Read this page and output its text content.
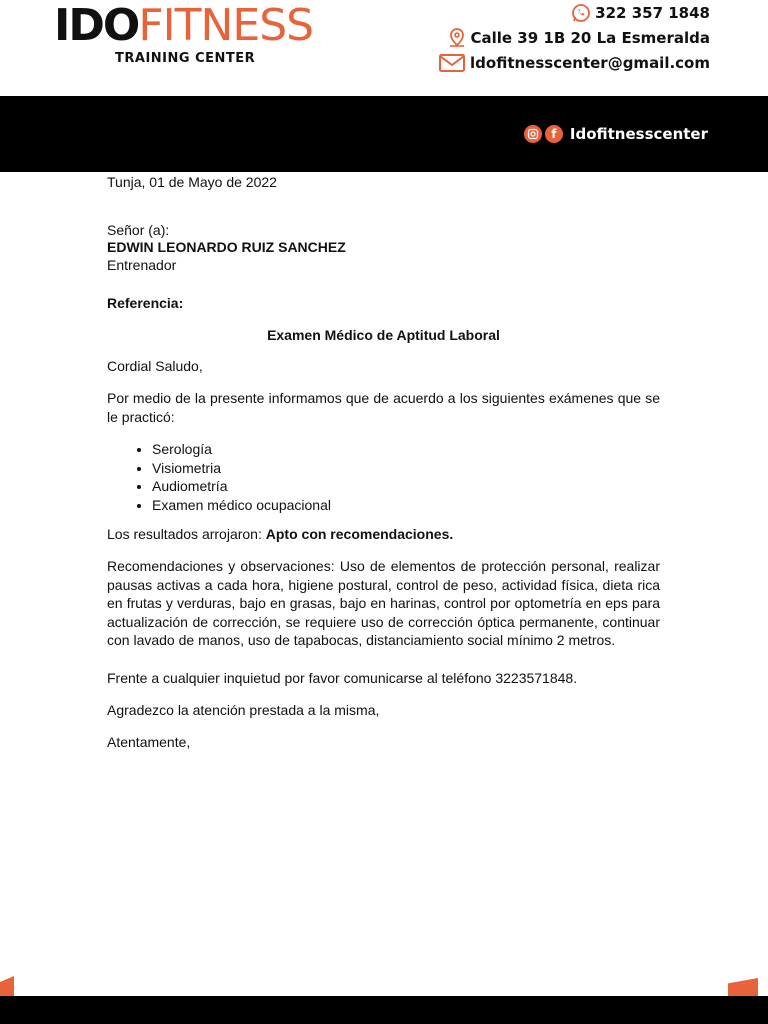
IDOFITNESS
TRAINING CENTER
322 357 1848
Calle 39 1B 20 La Esmeralda
ldofitnesscenter@gmail.com
f Idofitnesscenter
Tunja, 01 de Mayo de 2022
Señor (a):
EDWIN LEONARDO RUIZ SANCHEZ
Entrenador
Referencia:
Examen Médico de Aptitud Laboral
Cordial Saludo,
Por medio de la presente informamos que de acuerdo a los siguientes exámenes que se le practicó:
• Serología
• Visiometria
• Audiometría
• Examen médico ocupacional
Los resultados arrojaron: Apto con recomendaciones.
Recomendaciones y observaciones: Uso de elementos de protección personal, realizar pausas activas a cada hora, higiene postural, control de peso, actividad física, dieta rica en frutas y verduras, bajo en grasas, bajo en harinas, control por optometría en eps para actualización de corrección, se requiere uso de corrección óptica permanente, continuar con lavado de manos, uso de tapabocas, distanciamiento social mínimo 2 metros.
Frente a cualquier inquietud por favor comunicarse al teléfono 3223571848.
Agradezco la atención prestada a la misma,
Atentamente,
